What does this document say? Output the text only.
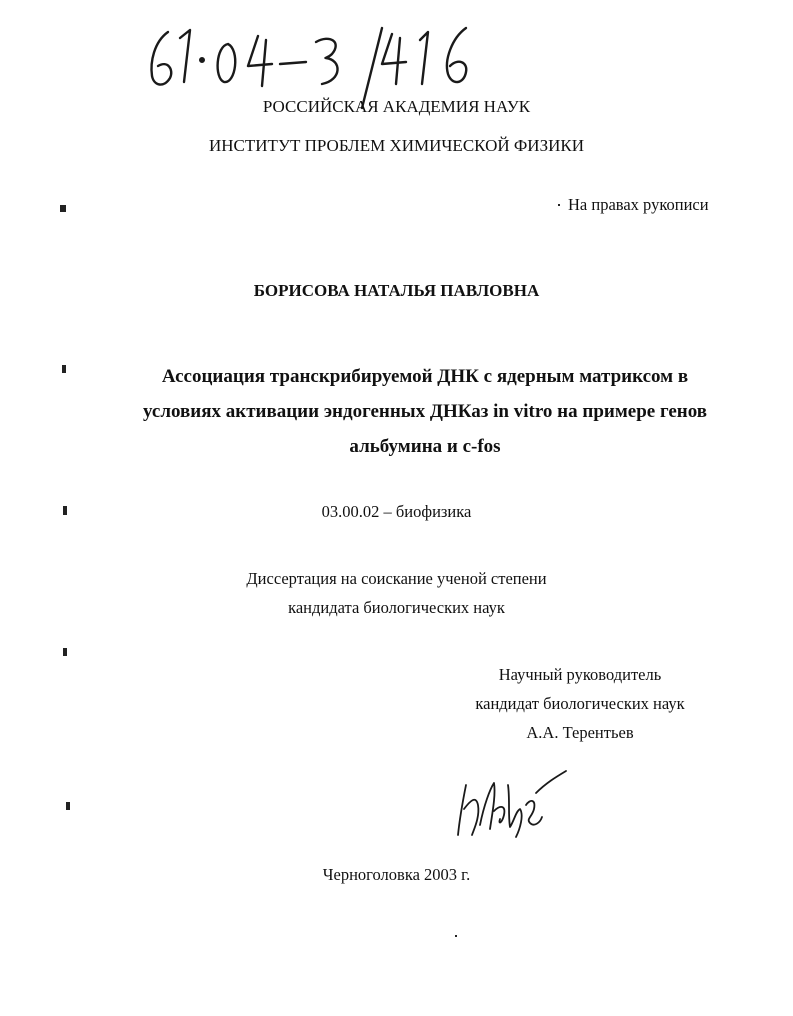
РОССИЙСКАЯ АКАДЕМИЯ НАУК
ИНСТИТУТ ПРОБЛЕМ ХИМИЧЕСКОЙ ФИЗИКИ
На правах рукописи
БОРИСОВА НАТАЛЬЯ ПАВЛОВНА
Ассоциация транскрибируемой ДНК с ядерным матриксом в
условиях активации эндогенных ДНКаз in vitro на примере генов
альбумина и c-fos
03.00.02 – биофизика
Диссертация на соискание ученой степени
кандидата биологических наук
Научный руководитель
кандидат биологических наук
А.А. Терентьев
Черноголовка 2003 г.
